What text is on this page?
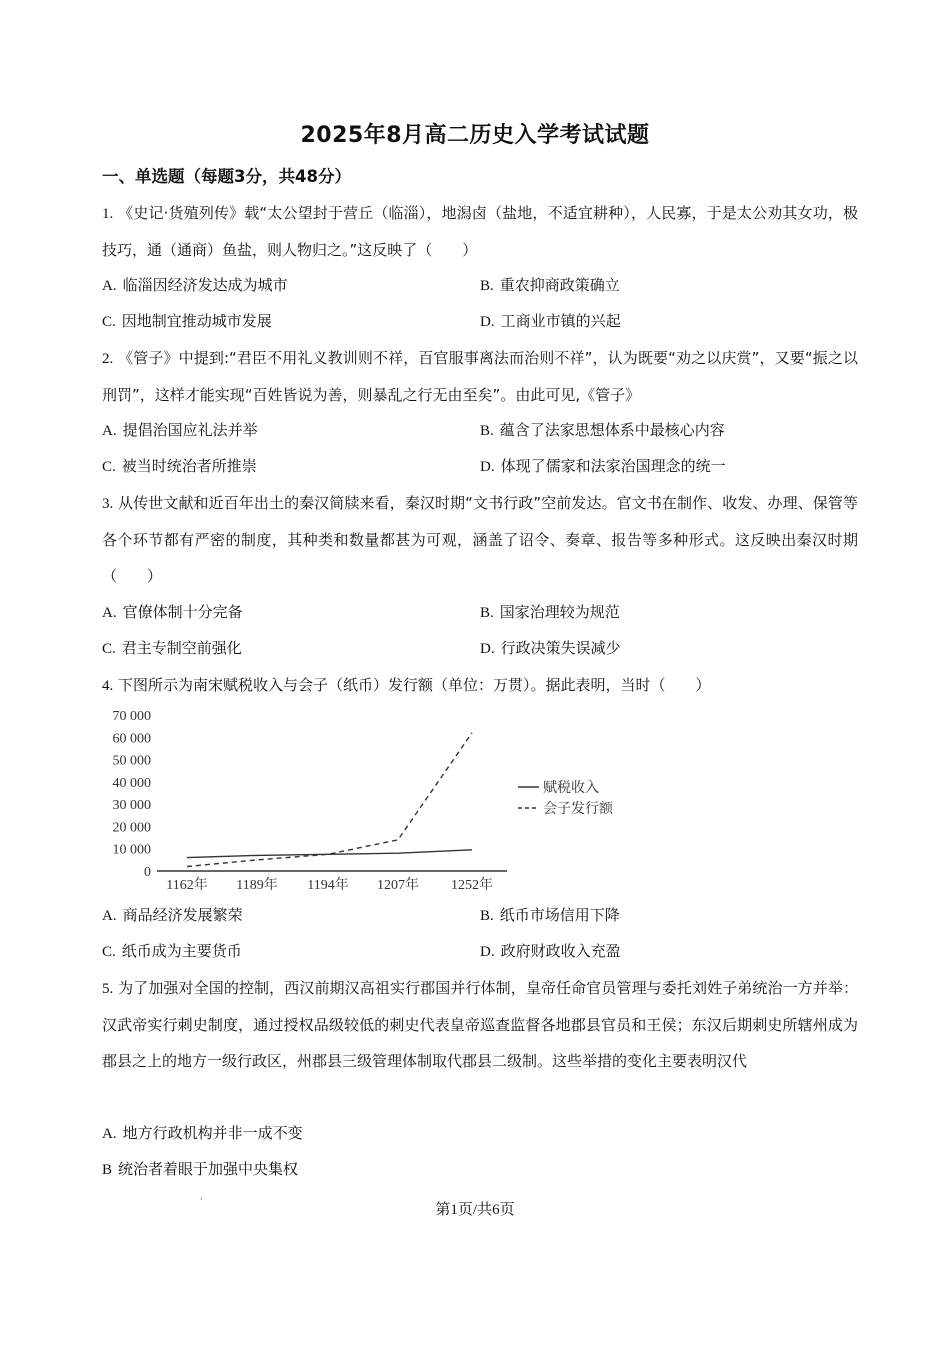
2025年8月高二历史入学考试试题
一、单选题（每题3分，共48分）
1. 《史记·货殖列传》载“太公望封于营丘（临淄），地潟卤（盐地，不适宜耕种），人民寡，于是太公劝其女功，极技巧，通（通商）鱼盐，则人物归之。”这反映了（　　）
A. 临淄因经济发达成为城市	B. 重农抑商政策确立
C. 因地制宜推动城市发展	D. 工商业市镇的兴起
2. 《管子》中提到:“君臣不用礼义教训则不祥，百官服事离法而治则不祥”，认为既要“劝之以庆赏”，又要“振之以刑罚”，这样才能实现“百姓皆说为善，则暴乱之行无由至矣”。由此可见,《管子》
A. 提倡治国应礼法并举	B. 蕴含了法家思想体系中最核心内容
C. 被当时统治者所推崇	D. 体现了儒家和法家治国理念的统一
3. 从传世文献和近百年出土的秦汉简牍来看，秦汉时期“文书行政”空前发达。官文书在制作、收发、办理、保管等各个环节都有严密的制度，其种类和数量都甚为可观，涵盖了诏令、奏章、报告等多种形式。这反映出秦汉时期（　　）
A. 官僚体制十分完备	B. 国家治理较为规范
C. 君主专制空前强化	D. 行政决策失误减少
4. 下图所示为南宋赋税收入与会子（纸币）发行额（单位：万贯）。据此表明，当时（　　）
0
10 000
20 000
30 000
40 000
50 000
60 000
70 000
1162年 1189年 1194年 1207年 1252年
赋税收入
会子发行额
A. 商品经济发展繁荣	B. 纸币市场信用下降
C. 纸币成为主要货币	D. 政府财政收入充盈
5. 为了加强对全国的控制，西汉前期汉高祖实行郡国并行体制，皇帝任命官员管理与委托刘姓子弟统治一方并举：汉武帝实行刺史制度，通过授权品级较低的刺史代表皇帝巡查监督各地郡县官员和王侯；东汉后期刺史所辖州成为郡县之上的地方一级行政区，州郡县三级管理体制取代郡县二级制。这些举措的变化主要表明汉代
A. 地方行政机构并非一成不变
B 统治者着眼于加强中央集权
'	第1页/共6页
